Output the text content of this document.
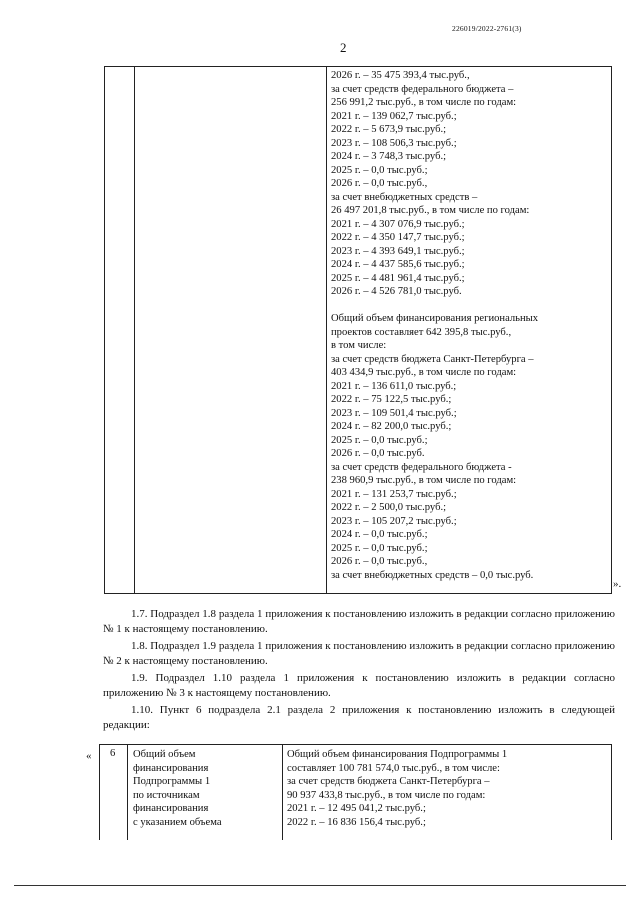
226019/2022-2761(3)
2
2026 г. – 35 475 393,4 тыс.руб.,
за счет средств федерального бюджета –
256 991,2 тыс.руб., в том числе по годам:
2021 г. – 139 062,7 тыс.руб.;
2022 г. – 5 673,9 тыс.руб.;
2023 г. – 108 506,3 тыс.руб.;
2024 г. – 3 748,3 тыс.руб.;
2025 г. – 0,0 тыс.руб.;
2026 г. – 0,0 тыс.руб.,
за счет внебюджетных средств –
26 497 201,8 тыс.руб., в том числе по годам:
2021 г. – 4 307 076,9 тыс.руб.;
2022 г. – 4 350 147,7 тыс.руб.;
2023 г. – 4 393 649,1 тыс.руб.;
2024 г. – 4 437 585,6 тыс.руб.;
2025 г. – 4 481 961,4 тыс.руб.;
2026 г. – 4 526 781,0 тыс.руб.
Общий объем финансирования региональных
проектов составляет 642 395,8 тыс.руб.,
в том числе:
за счет средств бюджета Санкт-Петербурга –
403 434,9 тыс.руб., в том числе по годам:
2021 г. – 136 611,0 тыс.руб.;
2022 г. – 75 122,5 тыс.руб.;
2023 г. – 109 501,4 тыс.руб.;
2024 г. – 82 200,0 тыс.руб.;
2025 г. – 0,0 тыс.руб.;
2026 г. – 0,0 тыс.руб.
за счет средств федерального бюджета -
238 960,9 тыс.руб., в том числе по годам:
2021 г. – 131 253,7 тыс.руб.;
2022 г. – 2 500,0 тыс.руб.;
2023 г. – 105 207,2 тыс.руб.;
2024 г. – 0,0 тыс.руб.;
2025 г. – 0,0 тыс.руб.;
2026 г. – 0,0 тыс.руб.,
за счет внебюджетных средств – 0,0 тыс.руб.
».

1.7. Подраздел 1.8 раздела 1 приложения к постановлению изложить в редакции согласно приложению № 1 к настоящему постановлению.

1.8. Подраздел 1.9 раздела 1 приложения к постановлению изложить в редакции согласно приложению № 2 к настоящему постановлению.

1.9. Подраздел 1.10 раздела 1 приложения к постановлению изложить в редакции согласно приложению № 3 к настоящему постановлению.

1.10. Пункт 6 подраздела 2.1 раздела 2 приложения к постановлению изложить в следующей редакции:

« 6 Общий объем
финансирования
Подпрограммы 1
по источникам
финансирования
с указанием объема
Общий объем финансирования Подпрограммы 1
составляет 100 781 574,0 тыс.руб., в том числе:
за счет средств бюджета Санкт-Петербурга –
90 937 433,8 тыс.руб., в том числе по годам:
2021 г. – 12 495 041,2 тыс.руб.;
2022 г. – 16 836 156,4 тыс.руб.;
